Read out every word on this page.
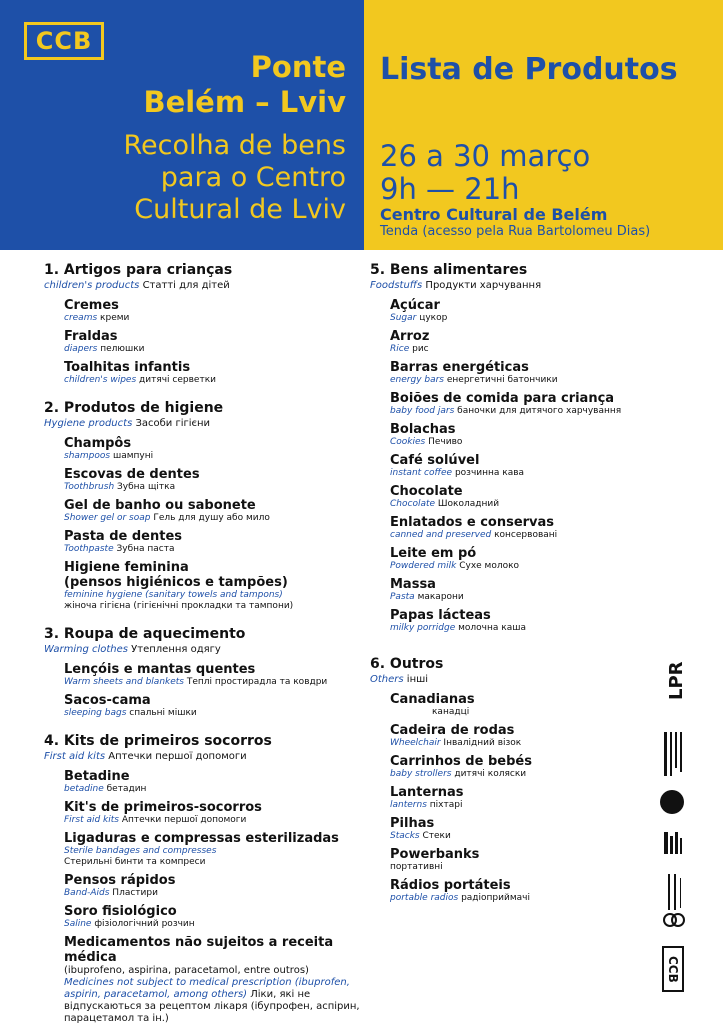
CCB
Ponte
Belém – Lviv
Recolha de bens
para o Centro
Cultural de Lviv
Lista de Produtos
26 a 30 março
9h — 21h
Centro Cultural de Belém
Tenda (acesso pela Rua Bartolomeu Dias)
1. Artigos para crianças
children's products Статті для дітей
Cremes
creams креми
Fraldas
diapers пелюшки
Toalhitas infantis
children's wipes дитячі серветки
2. Produtos de higiene
Hygiene products Засоби гігієни
Champôs
shampoos шампуні
Escovas de dentes
Toothbrush Зубна щітка
Gel de banho ou sabonete
Shower gel or soap Гель для душу або мило
Pasta de dentes
Toothpaste Зубна паста
Higiene feminina
(pensos higiénicos e tampões)
feminine hygiene (sanitary towels and tampons)
жіноча гігієна (гігієнічні прокладки та тампони)
3. Roupa de aquecimento
Warming clothes Утеплення одягу
Lençóis e mantas quentes
Warm sheets and blankets Теплі простирадла та ковдри
Sacos-cama
sleeping bags спальні мішки
4. Kits de primeiros socorros
First aid kits Аптечки першої допомоги
Betadine
betadine бетадин
Kit's de primeiros-socorros
First aid kits Аптечки першої допомоги
Ligaduras e compressas esterilizadas
Sterile bandages and compresses
Стерильні бинти та компреси
Pensos rápidos
Band-Aids Пластири
Soro fisiológico
Saline фізіологічний розчин
Medicamentos não sujeitos a receita médica
(ibuprofeno, aspirina, paracetamol, entre outros)
Medicines not subject to medical prescription (ibuprofen, aspirin, paracetamol, among others) Ліки, які не відпускаються за рецептом лікаря (ібупрофен, аспірин, парацетамол та ін.)
5. Bens alimentares
Foodstuffs Продукти харчування
Açúcar
Sugar цукор
Arroz
Rice рис
Barras energéticas
energy bars енергетичні батончики
Boiões de comida para criança
baby food jars баночки для дитячого харчування
Bolachas
Cookies Печиво
Café solúvel
instant coffee розчинна кава
Chocolate
Chocolate Шоколадний
Enlatados e conservas
canned and preserved консервовані
Leite em pó
Powdered milk Сухе молоко
Massa
Pasta макарони
Papas lácteas
milky porridge молочна каша
6. Outros
Others інші
Canadianas
канадці
Cadeira de rodas
Wheelchair Інвалідний візок
Carrinhos de bebés
baby strollers дитячі коляски
Lanternas
lanterns піхтарі
Pilhas
Stacks Стеки
Powerbanks
портативні
Rádios portáteis
portable radios радіоприймачі
LPR
CCB
